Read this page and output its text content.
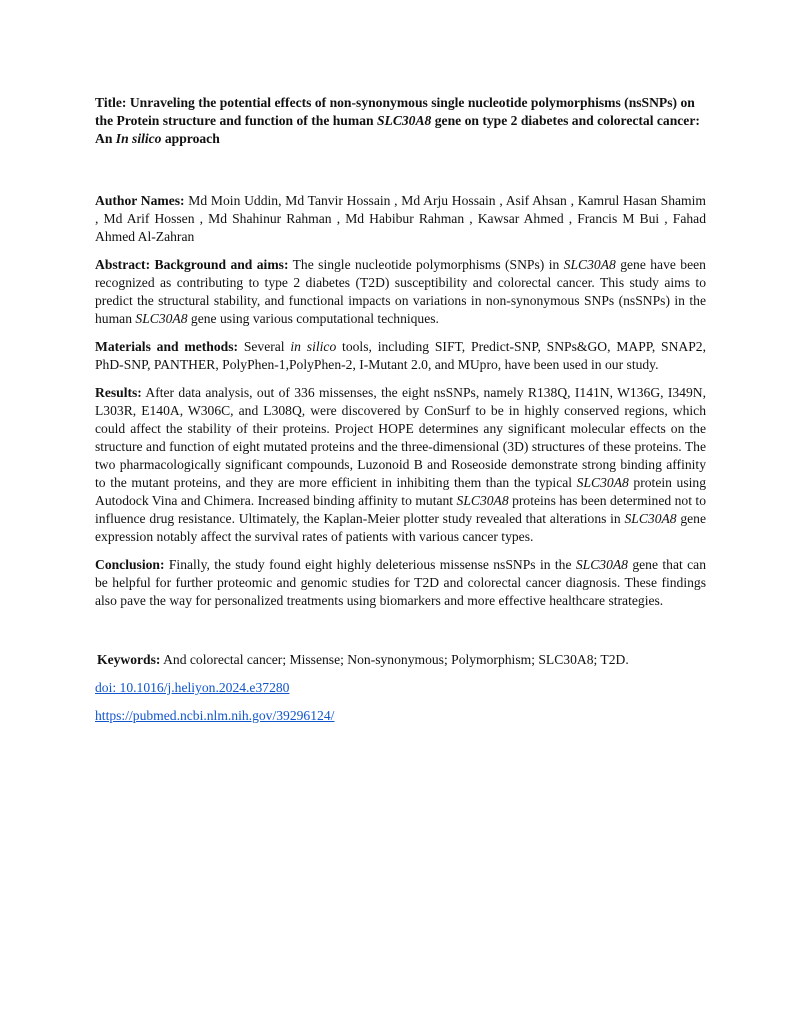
Title: Unraveling the potential effects of non-synonymous single nucleotide polymorphisms (nsSNPs) on the Protein structure and function of the human SLC30A8 gene on type 2 diabetes and colorectal cancer: An In silico approach

Author Names: Md Moin Uddin, Md Tanvir Hossain , Md Arju Hossain , Asif Ahsan , Kamrul Hasan Shamim , Md Arif Hossen , Md Shahinur Rahman , Md Habibur Rahman , Kawsar Ahmed , Francis M Bui , Fahad Ahmed Al-Zahran

Abstract: Background and aims: The single nucleotide polymorphisms (SNPs) in SLC30A8 gene have been recognized as contributing to type 2 diabetes (T2D) susceptibility and colorectal cancer. This study aims to predict the structural stability, and functional impacts on variations in non-synonymous SNPs (nsSNPs) in the human SLC30A8 gene using various computational techniques.

Materials and methods: Several in silico tools, including SIFT, Predict-SNP, SNPs&GO, MAPP, SNAP2, PhD-SNP, PANTHER, PolyPhen-1,PolyPhen-2, I-Mutant 2.0, and MUpro, have been used in our study.

Results: After data analysis, out of 336 missenses, the eight nsSNPs, namely R138Q, I141N, W136G, I349N, L303R, E140A, W306C, and L308Q, were discovered by ConSurf to be in highly conserved regions, which could affect the stability of their proteins. Project HOPE determines any significant molecular effects on the structure and function of eight mutated proteins and the three-dimensional (3D) structures of these proteins. The two pharmacologically significant compounds, Luzonoid B and Roseoside demonstrate strong binding affinity to the mutant proteins, and they are more efficient in inhibiting them than the typical SLC30A8 protein using Autodock Vina and Chimera. Increased binding affinity to mutant SLC30A8 proteins has been determined not to influence drug resistance. Ultimately, the Kaplan-Meier plotter study revealed that alterations in SLC30A8 gene expression notably affect the survival rates of patients with various cancer types.

Conclusion: Finally, the study found eight highly deleterious missense nsSNPs in the SLC30A8 gene that can be helpful for further proteomic and genomic studies for T2D and colorectal cancer diagnosis. These findings also pave the way for personalized treatments using biomarkers and more effective healthcare strategies.

Keywords: And colorectal cancer; Missense; Non-synonymous; Polymorphism; SLC30A8; T2D.

doi: 10.1016/j.heliyon.2024.e37280

https://pubmed.ncbi.nlm.nih.gov/39296124/
